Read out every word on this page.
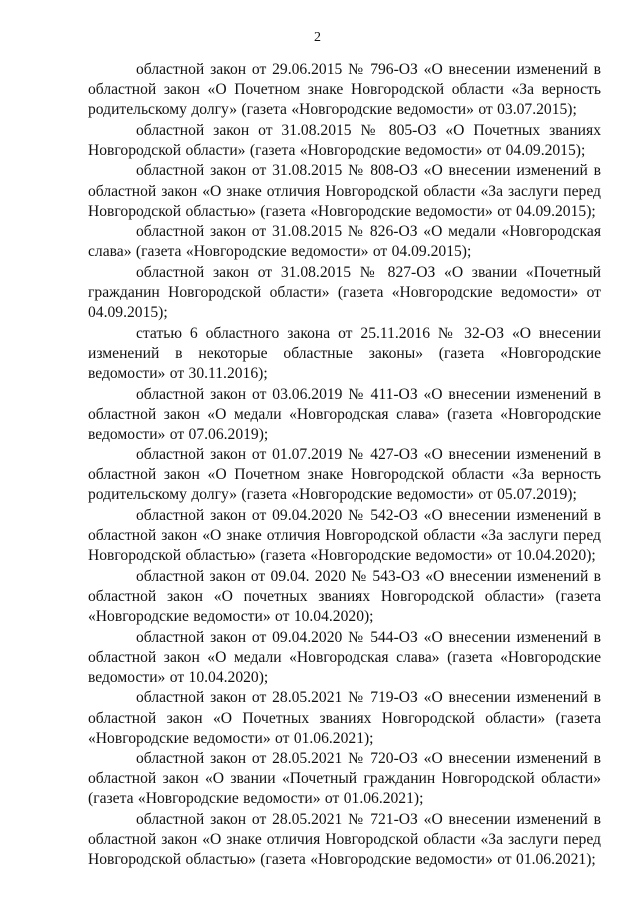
2

областной закон от 29.06.2015 № 796-ОЗ «О внесении изменений в областной закон «О Почетном знаке Новгородской области «За верность родительскому долгу» (газета «Новгородские ведомости» от 03.07.2015);

областной закон от 31.08.2015 № 805-ОЗ «О Почетных званиях Новгородской области» (газета «Новгородские ведомости» от 04.09.2015);

областной закон от 31.08.2015 № 808-ОЗ «О внесении изменений в областной закон «О знаке отличия Новгородской области «За заслуги перед Новгородской областью» (газета «Новгородские ведомости» от 04.09.2015);

областной закон от 31.08.2015 № 826-ОЗ «О медали «Новгородская слава» (газета «Новгородские ведомости» от 04.09.2015);

областной закон от 31.08.2015 № 827-ОЗ «О звании «Почетный гражданин Новгородской области» (газета «Новгородские ведомости» от 04.09.2015);

статью 6 областного закона от 25.11.2016 № 32-ОЗ «О внесении изменений в некоторые областные законы» (газета «Новгородские ведомости» от 30.11.2016);

областной закон от 03.06.2019 № 411-ОЗ «О внесении изменений в областной закон «О медали «Новгородская слава» (газета «Новгородские ведомости» от 07.06.2019);

областной закон от 01.07.2019 № 427-ОЗ «О внесении изменений в областной закон «О Почетном знаке Новгородской области «За верность родительскому долгу» (газета «Новгородские ведомости» от 05.07.2019);

областной закон от 09.04.2020 № 542-ОЗ «О внесении изменений в областной закон «О знаке отличия Новгородской области «За заслуги перед Новгородской областью» (газета «Новгородские ведомости» от 10.04.2020);

областной закон от 09.04. 2020 № 543-ОЗ «О внесении изменений в областной закон «О почетных званиях Новгородской области» (газета «Новгородские ведомости» от 10.04.2020);

областной закон от 09.04.2020 № 544-ОЗ «О внесении изменений в областной закон «О медали «Новгородская слава» (газета «Новгородские ведомости» от 10.04.2020);

областной закон от 28.05.2021 № 719-ОЗ «О внесении изменений в областной закон «О Почетных званиях Новгородской области» (газета «Новгородские ведомости» от 01.06.2021);

областной закон от 28.05.2021 № 720-ОЗ «О внесении изменений в областной закон «О звании «Почетный гражданин Новгородской области» (газета «Новгородские ведомости» от 01.06.2021);

областной закон от 28.05.2021 № 721-ОЗ «О внесении изменений в областной закон «О знаке отличия Новгородской области «За заслуги перед Новгородской областью» (газета «Новгородские ведомости» от 01.06.2021);
